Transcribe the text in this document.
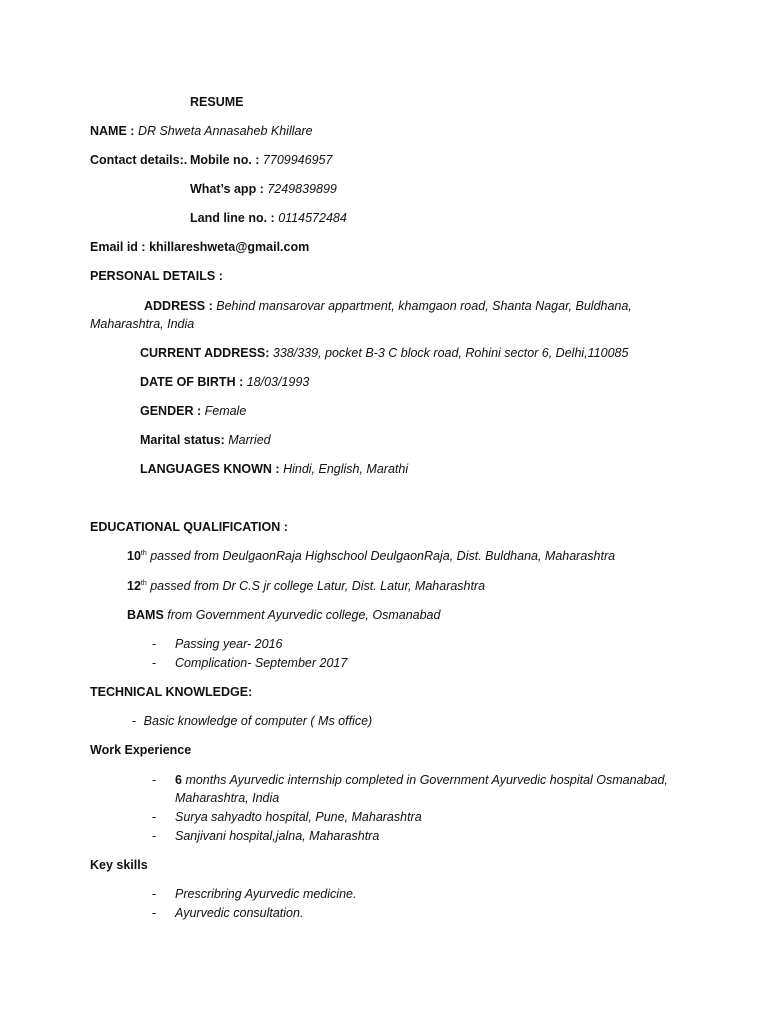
RESUME
NAME : DR Shweta Annasaheb Khillare
Contact details:. Mobile no. : 7709946957
What’s app : 7249839899
Land line no. : 0114572484
Email id : khillareshweta@gmail.com
PERSONAL DETAILS :
ADDRESS : Behind mansarovar appartment, khamgaon road, Shanta Nagar, Buldhana,
Maharashtra, India
CURRENT ADDRESS: 338/339, pocket B-3 C block road, Rohini sector 6, Delhi,110085
DATE OF BIRTH : 18/03/1993
GENDER : Female
Marital status: Married
LANGUAGES KNOWN : Hindi, English, Marathi
EDUCATIONAL QUALIFICATION :
10th passed from DeulgaonRaja Highschool DeulgaonRaja, Dist. Buldhana, Maharashtra
12th passed from Dr C.S jr college Latur, Dist. Latur, Maharashtra
BAMS from Government Ayurvedic college, Osmanabad
-	Passing year- 2016
-	Complication- September 2017
TECHNICAL KNOWLEDGE:
- Basic knowledge of computer ( Ms office)
Work Experience
-	6 months Ayurvedic internship completed in Government Ayurvedic hospital Osmanabad,
Maharashtra, India
-	Surya sahyadto hospital, Pune, Maharashtra
-	Sanjivani hospital,jalna, Maharashtra
Key skills
-	Prescribring Ayurvedic medicine.
-	Ayurvedic consultation.
